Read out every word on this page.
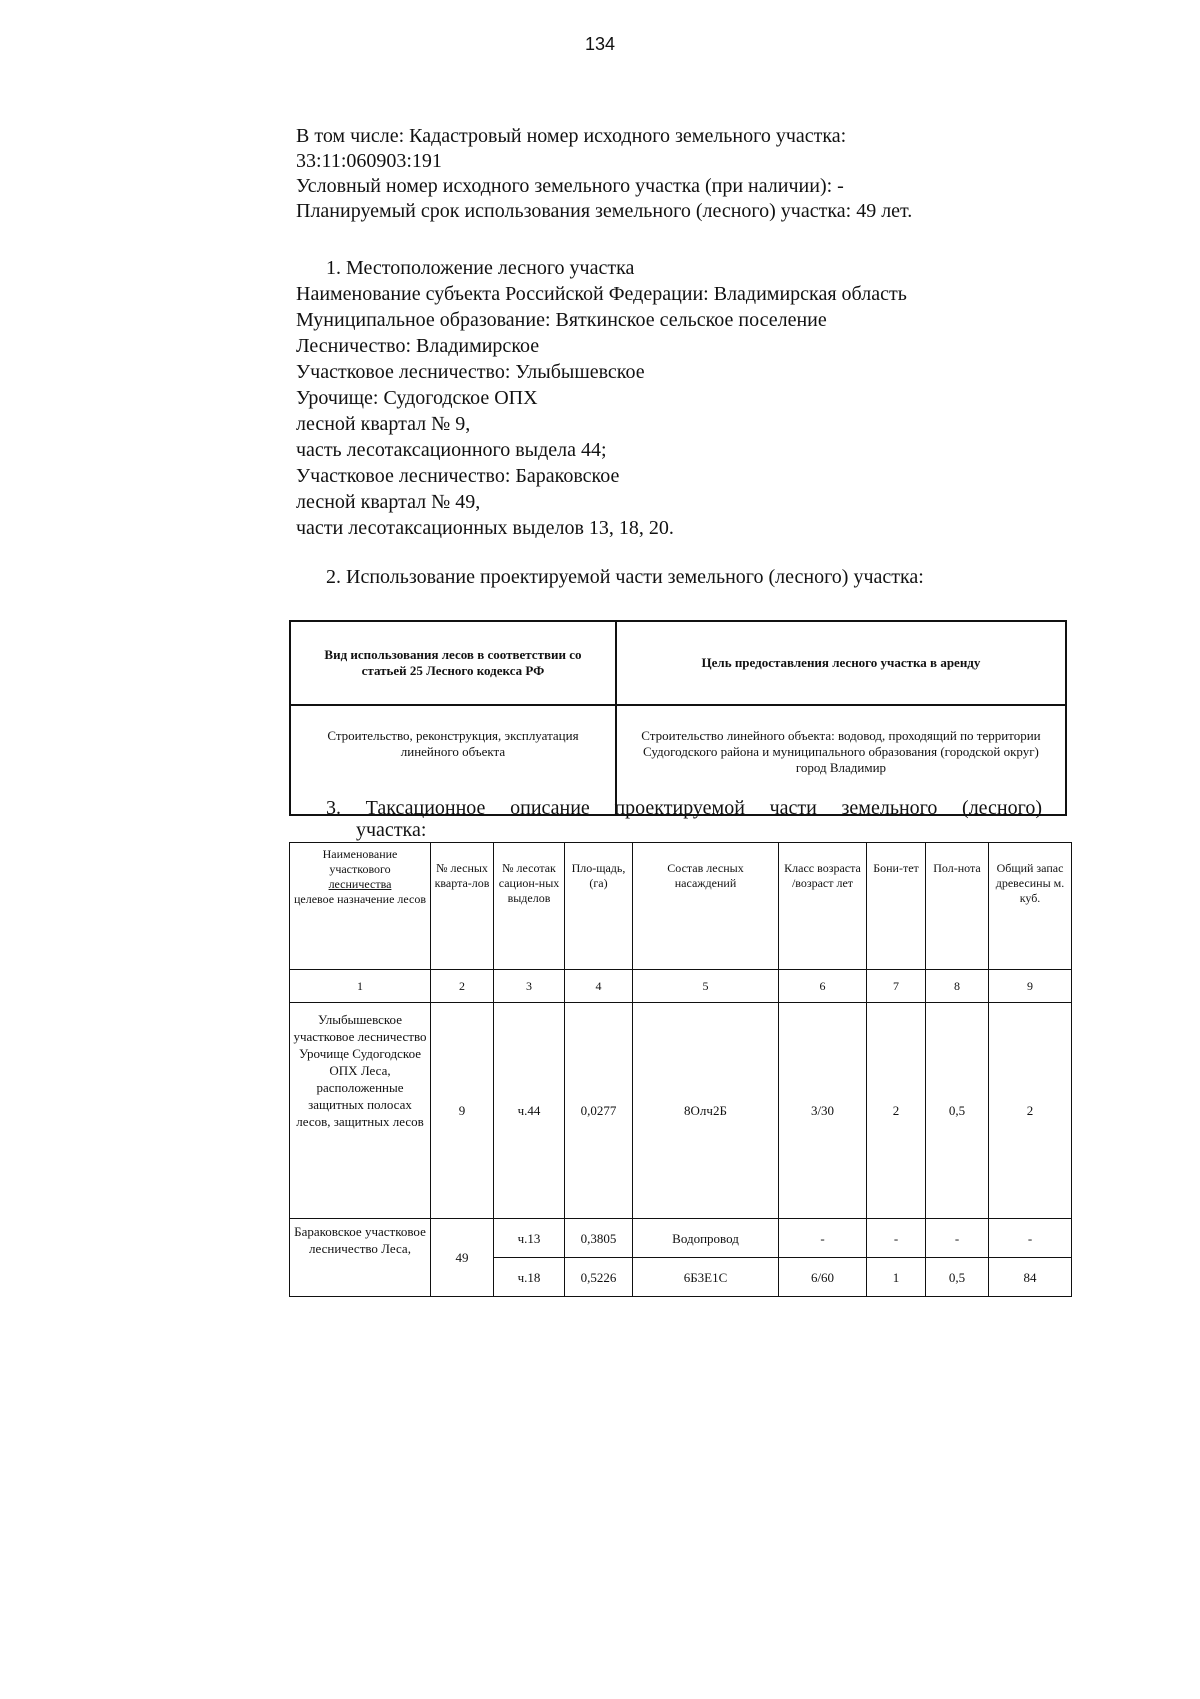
134
В том числе: Кадастровый номер исходного земельного участка:
33:11:060903:191
Условный номер исходного земельного участка (при наличии): -
Планируемый срок использования земельного (лесного) участка: 49 лет.
1. Местоположение лесного участка
Наименование субъекта Российской Федерации: Владимирская область
Муниципальное образование: Вяткинское сельское поселение
Лесничество: Владимирское
Участковое лесничество: Улыбышевское
Урочище: Судогодское ОПХ
лесной квартал № 9,
часть лесотаксационного выдела 44;
Участковое лесничество: Бараковское
лесной квартал № 49,
части лесотаксационных выделов 13, 18, 20.
2. Использование проектируемой части земельного (лесного) участка:
Вид использования лесов в соответствии со статьей 25 Лесного кодекса РФ	Цель предоставления лесного участка в аренду
Строительство, реконструкция, эксплуатация линейного объекта	Строительство линейного объекта: водовод, проходящий по территории Судогодского района и муниципального образования (городской округ) город Владимир
3. Таксационное описание проектируемой части земельного (лесного)
участка:
Наименование участкового
лесничества
целевое назначение лесов	№ лесных кварта-лов	№ лесотак сацион-ных выделов	Пло-щадь, (га)	Состав лесных насаждений	Класс возраста /возраст лет	Бони-тет	Пол-нота	Общий запас древесины м. куб.
1	2	3	4	5	6	7	8	9
Улыбышевское участковое лесничество Урочище Судогодское ОПХ Леса, расположенные защитных полосах лесов, защитных лесов	9	ч.44	0,0277	8Олч2Б	3/30	2	0,5	2
Бараковское участковое лесничество Леса,	49	ч.13	0,3805	Водопровод	-	-	-	-
		ч.18	0,5226	6Б3Е1С	6/60	1	0,5	84
